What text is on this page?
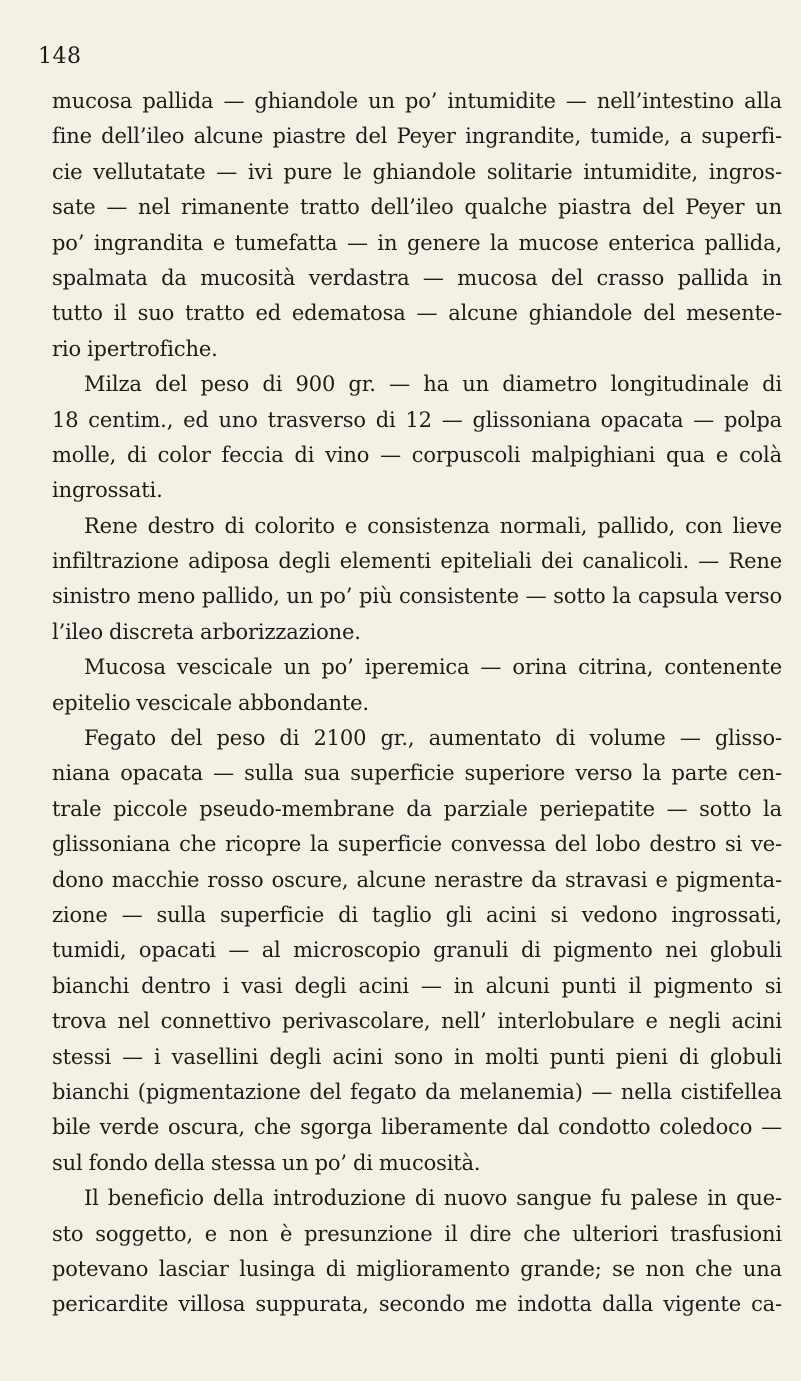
148
mucosa pallida — ghiandole un po’ intumidite — nell’intestino alla
fine dell’ileo alcune piastre del Peyer ingrandite, tumide, a superfi-
cie vellutatate — ivi pure le ghiandole solitarie intumidite, ingros-
sate — nel rimanente tratto dell’ileo qualche piastra del Peyer un
po’ ingrandita e tumefatta — in genere la mucose enterica pallida,
spalmata da mucosità verdastra — mucosa del crasso pallida in
tutto il suo tratto ed edematosa — alcune ghiandole del mesente-
rio ipertrofiche.
Milza del peso di 900 gr. — ha un diametro longitudinale di
18 centim., ed uno trasverso di 12 — glissoniana opacata — polpa
molle, di color feccia di vino — corpuscoli malpighiani qua e colà
ingrossati.
Rene destro di colorito e consistenza normali, pallido, con lieve
infiltrazione adiposa degli elementi epiteliali dei canalicoli. — Rene
sinistro meno pallido, un po’ più consistente — sotto la capsula verso
l’ileo discreta arborizzazione.
Mucosa vescicale un po’ iperemica — orina citrina, contenente
epitelio vescicale abbondante.
Fegato del peso di 2100 gr., aumentato di volume — glisso-
niana opacata — sulla sua superficie superiore verso la parte cen-
trale piccole pseudo-membrane da parziale periepatite — sotto la
glissoniana che ricopre la superficie convessa del lobo destro si ve-
dono macchie rosso oscure, alcune nerastre da stravasi e pigmenta-
zione — sulla superficie di taglio gli acini si vedono ingrossati,
tumidi, opacati — al microscopio granuli di pigmento nei globuli
bianchi dentro i vasi degli acini — in alcuni punti il pigmento si
trova nel connettivo perivascolare, nell’ interlobulare e negli acini
stessi — i vasellini degli acini sono in molti punti pieni di globuli
bianchi (pigmentazione del fegato da melanemia) — nella cistifellea
bile verde oscura, che sgorga liberamente dal condotto coledoco —
sul fondo della stessa un po’ di mucosità.
Il beneficio della introduzione di nuovo sangue fu palese in que-
sto soggetto, e non è presunzione il dire che ulteriori trasfusioni
potevano lasciar lusinga di miglioramento grande; se non che una
pericardite villosa suppurata, secondo me indotta dalla vigente ca-
